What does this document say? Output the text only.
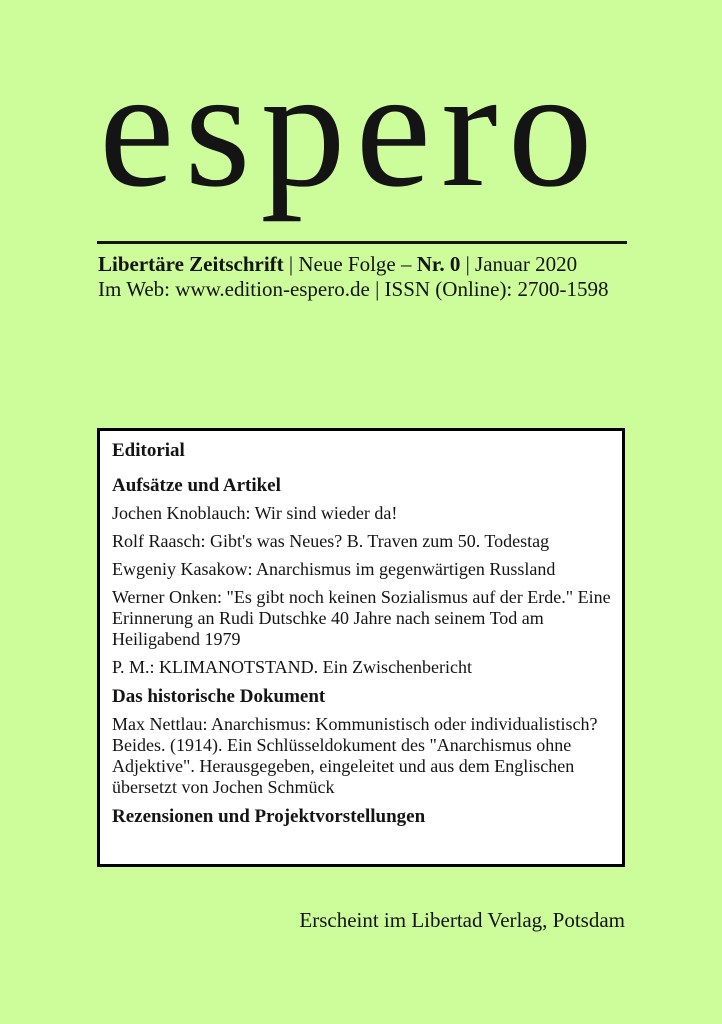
espero
Libertäre Zeitschrift | Neue Folge – Nr. 0 | Januar 2020
Im Web: www.edition-espero.de | ISSN (Online): 2700-1598

Editorial

Aufsätze und Artikel

Jochen Knoblauch: Wir sind wieder da!

Rolf Raasch: Gibt's was Neues? B. Traven zum 50. Todestag

Ewgeniy Kasakow: Anarchismus im gegenwärtigen Russland

Werner Onken: "Es gibt noch keinen Sozialismus auf der Erde." Eine Erinnerung an Rudi Dutschke 40 Jahre nach seinem Tod am Heiligabend 1979

P. M.: KLIMANOTSTAND. Ein Zwischenbericht

Das historische Dokument

Max Nettlau: Anarchismus: Kommunistisch oder individualistisch? Beides. (1914). Ein Schlüsseldokument des "Anarchismus ohne Adjektive". Herausgegeben, eingeleitet und aus dem Englischen übersetzt von Jochen Schmück

Rezensionen und Projektvorstellungen

Erscheint im Libertad Verlag, Potsdam
